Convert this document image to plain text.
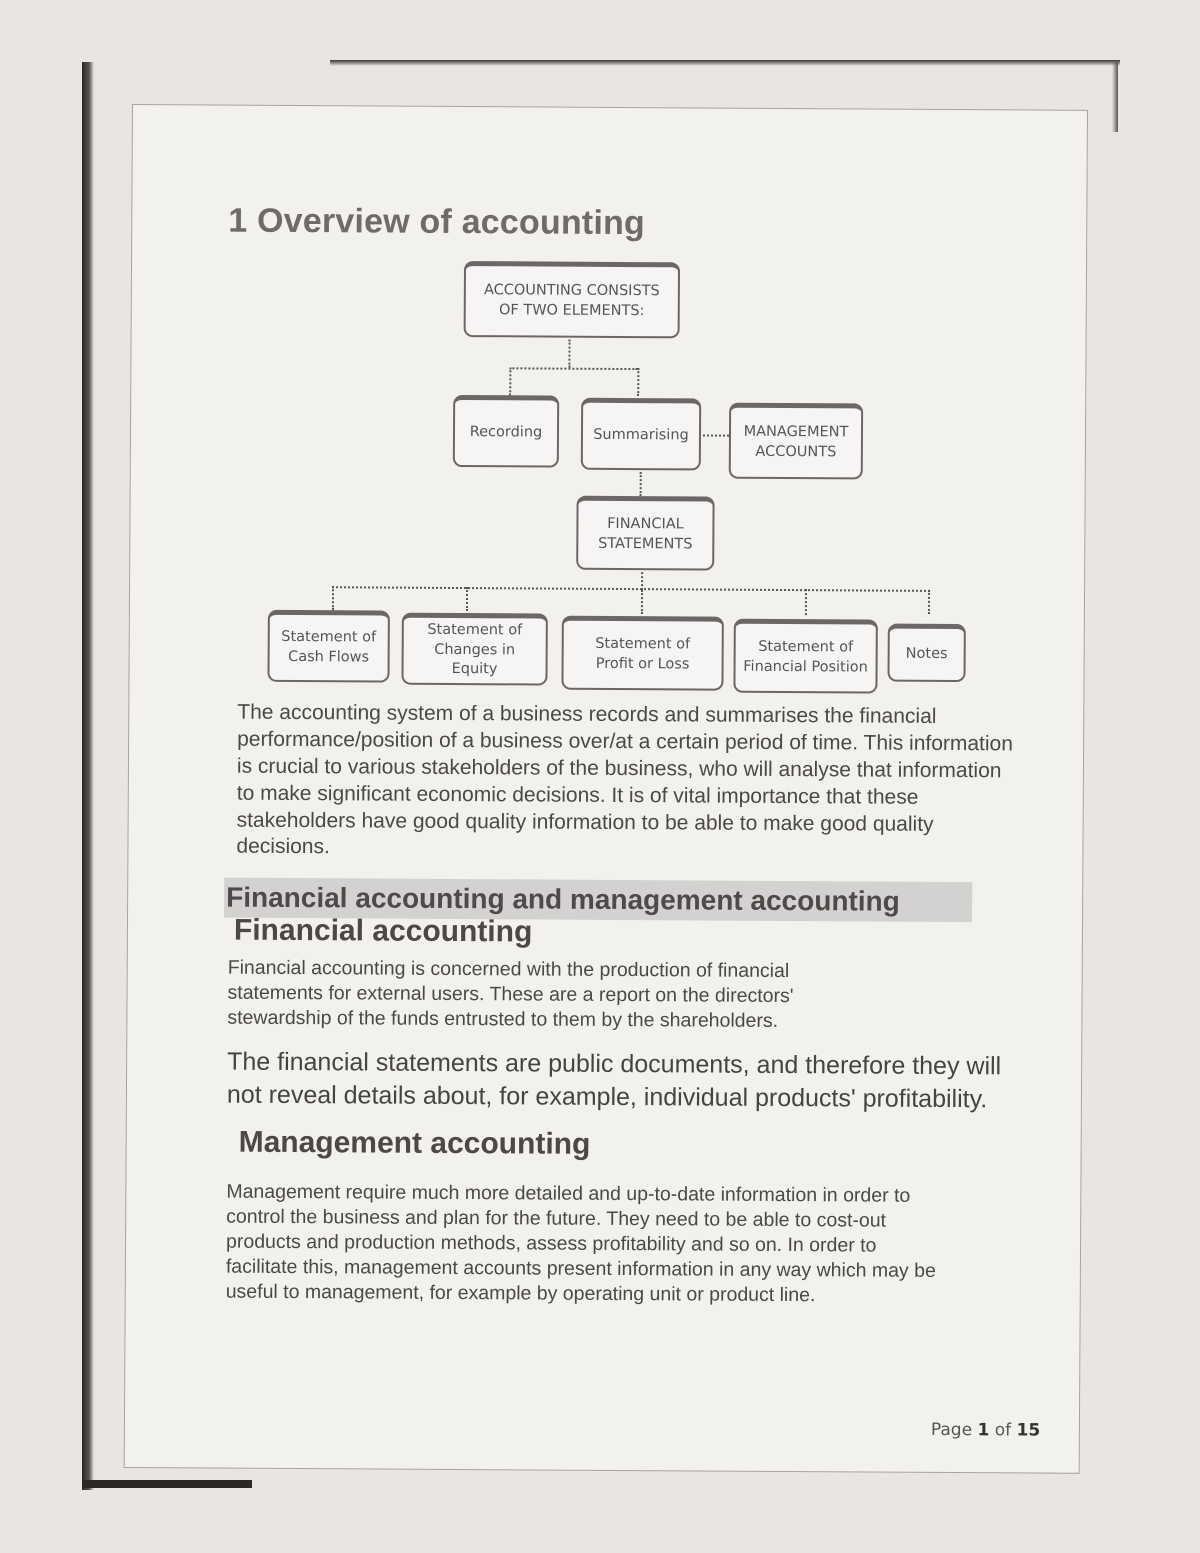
1 Overview of accounting
ACCOUNTING CONSISTS
OF TWO ELEMENTS:
Recording	Summarising	MANAGEMENT
ACCOUNTS
FINANCIAL
STATEMENTS
Statement of
Cash Flows
Statement of
Changes in Equity
Statement of
Profit or Loss
Statement of
Financial Position
Notes

The accounting system of a business records and summarises the financial performance/position of a business over/at a certain period of time. This information is crucial to various stakeholders of the business, who will analyse that information to make significant economic decisions. It is of vital importance that these stakeholders have good quality information to be able to make good quality decisions.

Financial accounting and management accounting
Financial accounting

Financial accounting is concerned with the production of financial statements for external users. These are a report on the directors' stewardship of the funds entrusted to them by the shareholders.

The financial statements are public documents, and therefore they will not reveal details about, for example, individual products' profitability.

Management accounting

Management require much more detailed and up-to-date information in order to control the business and plan for the future. They need to be able to cost-out products and production methods, assess profitability and so on. In order to facilitate this, management accounts present information in any way which may be useful to management, for example by operating unit or product line.

Page 1 of 15
